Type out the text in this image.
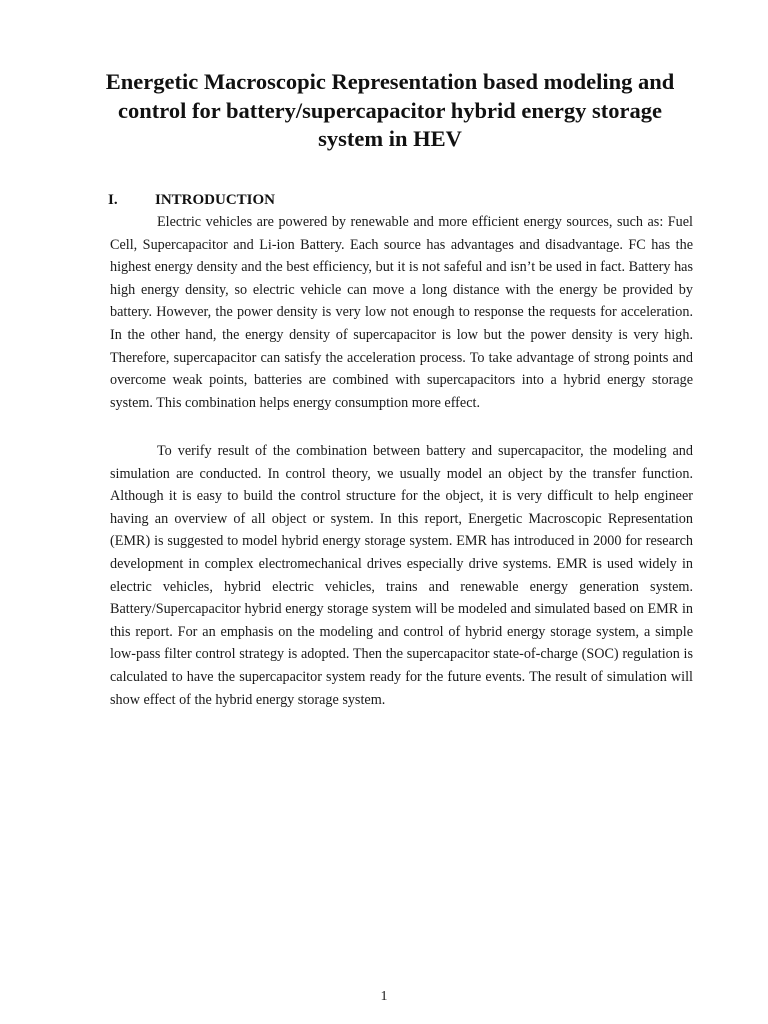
Energetic Macroscopic Representation based modeling and control for battery/supercapacitor hybrid energy storage system in HEV
I. INTRODUCTION

Electric vehicles are powered by renewable and more efficient energy sources, such as: Fuel Cell, Supercapacitor and Li-ion Battery. Each source has advantages and disadvantage. FC has the highest energy density and the best efficiency, but it is not safeful and isn’t be used in fact. Battery has high energy density, so electric vehicle can move a long distance with the energy be provided by battery. However, the power density is very low not enough to response the requests for acceleration. In the other hand, the energy density of supercapacitor is low but the power density is very high. Therefore, supercapacitor can satisfy the acceleration process. To take advantage of strong points and overcome weak points, batteries are combined with supercapacitors into a hybrid energy storage system. This combination helps energy consumption more effect.

To verify result of the combination between battery and supercapacitor, the modeling and simulation are conducted. In control theory, we usually model an object by the transfer function. Although it is easy to build the control structure for the object, it is very difficult to help engineer having an overview of all object or system. In this report, Energetic Macroscopic Representation (EMR) is suggested to model hybrid energy storage system. EMR has introduced in 2000 for research development in complex electromechanical drives especially drive systems. EMR is used widely in electric vehicles, hybrid electric vehicles, trains and renewable energy generation system. Battery/Supercapacitor hybrid energy storage system will be modeled and simulated based on EMR in this report. For an emphasis on the modeling and control of hybrid energy storage system, a simple low-pass filter control strategy is adopted. Then the supercapacitor state-of-charge (SOC) regulation is calculated to have the supercapacitor system ready for the future events. The result of simulation will show effect of the hybrid energy storage system.

1
